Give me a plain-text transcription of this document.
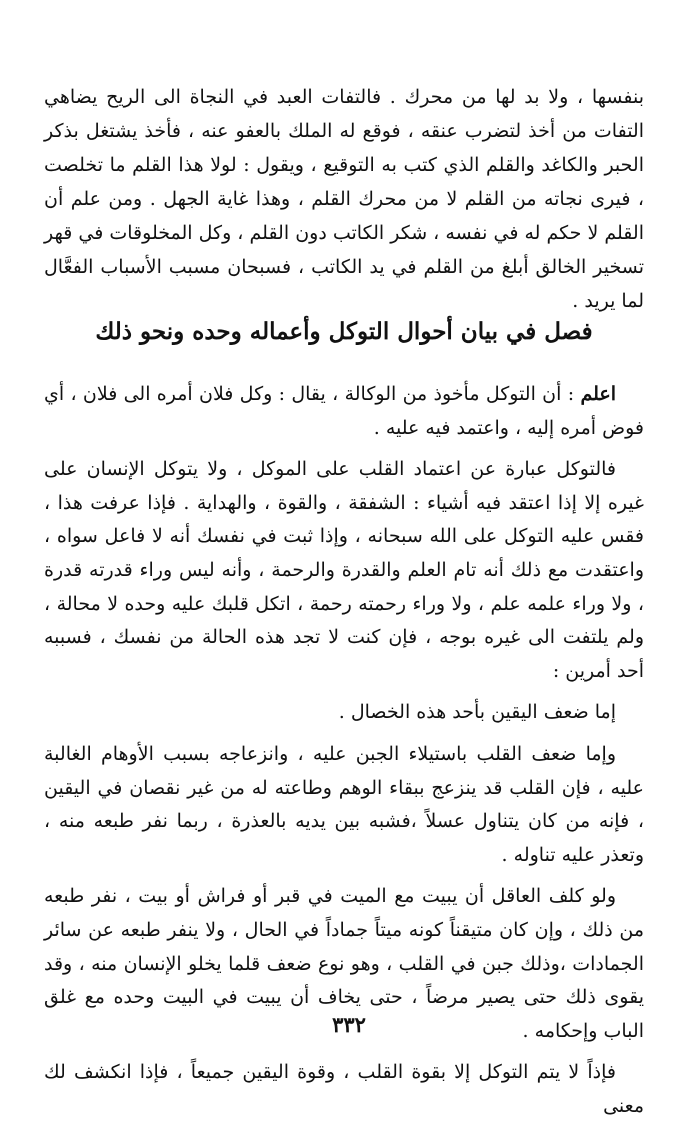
بنفسها ، ولا بد لها من محرك . فالتفات العبد في النجاة الى الريح يضاهي التفات من أخذ لتضرب عنقه ، فوقع له الملك بالعفو عنه ، فأخذ يشتغل بذكر الحبر والكاغد والقلم الذي كتب به التوقيع ، ويقول : لولا هذا القلم ما تخلصت ، فيرى نجاته من القلم لا من محرك القلم ، وهذا غاية الجهل . ومن علم أن القلم لا حكم له في نفسه ، شكر الكاتب دون القلم ، وكل المخلوقات في قهر تسخير الخالق أبلغ من القلم في يد الكاتب ، فسبحان مسبب الأسباب الفعَّال لما يريد .

فصل في بيان أحوال التوكل وأعماله وحده ونحو ذلك

اعلم : أن التوكل مأخوذ من الوكالة ، يقال : وكل فلان أمره الى فلان ، أي فوض أمره إليه ، واعتمد فيه عليه .

فالتوكل عبارة عن اعتماد القلب على الموكل ، ولا يتوكل الإنسان على غيره إلا إذا اعتقد فيه أشياء : الشفقة ، والقوة ، والهداية . فإذا عرفت هذا ، فقس عليه التوكل على الله سبحانه ، وإذا ثبت في نفسك أنه لا فاعل سواه ، واعتقدت مع ذلك أنه تام العلم والقدرة والرحمة ، وأنه ليس وراء قدرته قدرة ، ولا وراء علمه علم ، ولا وراء رحمته رحمة ، اتكل قلبك عليه وحده لا محالة ، ولم يلتفت الى غيره بوجه ، فإن كنت لا تجد هذه الحالة من نفسك ، فسببه أحد أمرين :

إما ضعف اليقين بأحد هذه الخصال .

وإما ضعف القلب باستيلاء الجبن عليه ، وانزعاجه بسبب الأوهام الغالبة عليه ، فإن القلب قد ينزعج ببقاء الوهم وطاعته له من غير نقصان في اليقين ، فإنه من كان يتناول عسلاً ،فشبه بين يديه بالعذرة ، ربما نفر طبعه منه ، وتعذر عليه تناوله .

ولو كلف العاقل أن يبيت مع الميت في قبر أو فراش أو بيت ، نفر طبعه من ذلك ، وإن كان متيقناً كونه ميتاً جماداً في الحال ، ولا ينفر طبعه عن سائر الجمادات ،وذلك جبن في القلب ، وهو نوع ضعف قلما يخلو الإنسان منه ، وقد يقوى ذلك حتى يصير مرضاً ، حتى يخاف أن يبيت في البيت وحده مع غلق الباب وإحكامه .

فإذاً لا يتم التوكل إلا بقوة القلب ، وقوة اليقين جميعاً ، فإذا انكشف لك معنى

٣٣٢
